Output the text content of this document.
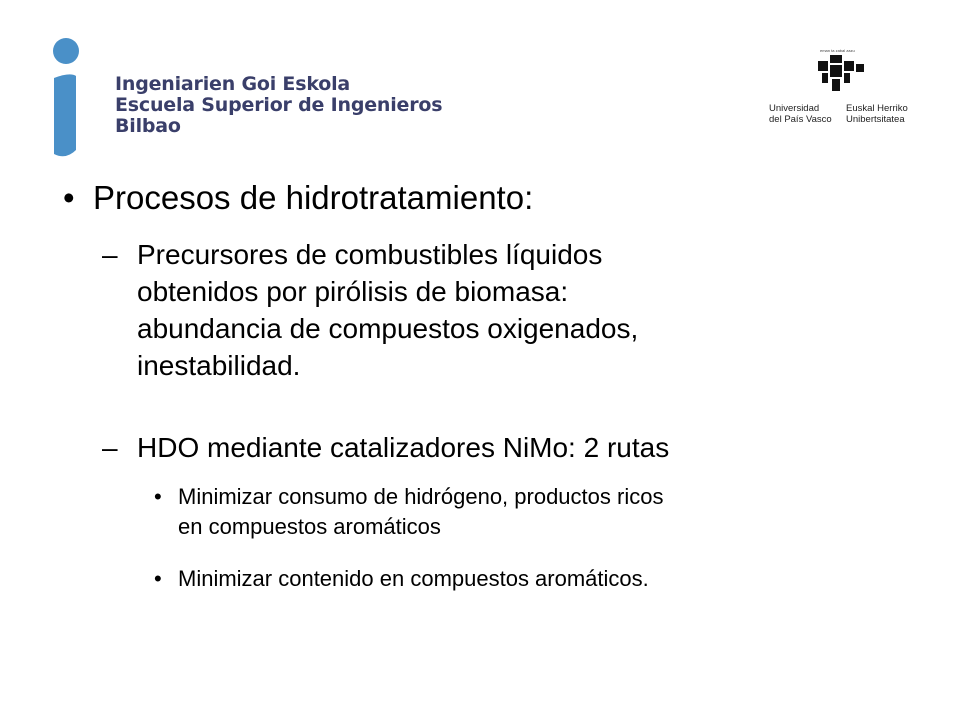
Ingeniarien Goi Eskola
Escuela Superior de Ingenieros
Bilbao
eman ta zabal zazu
Universidad
del País Vasco
Euskal Herriko
Unibertsitatea
• Procesos de hidrotratamiento:
– Precursores de combustibles líquidos
obtenidos por pirólisis de biomasa:
abundancia de compuestos oxigenados,
inestabilidad.
– HDO mediante catalizadores NiMo: 2 rutas
• Minimizar consumo de hidrógeno, productos ricos
en compuestos aromáticos
• Minimizar contenido en compuestos aromáticos.
